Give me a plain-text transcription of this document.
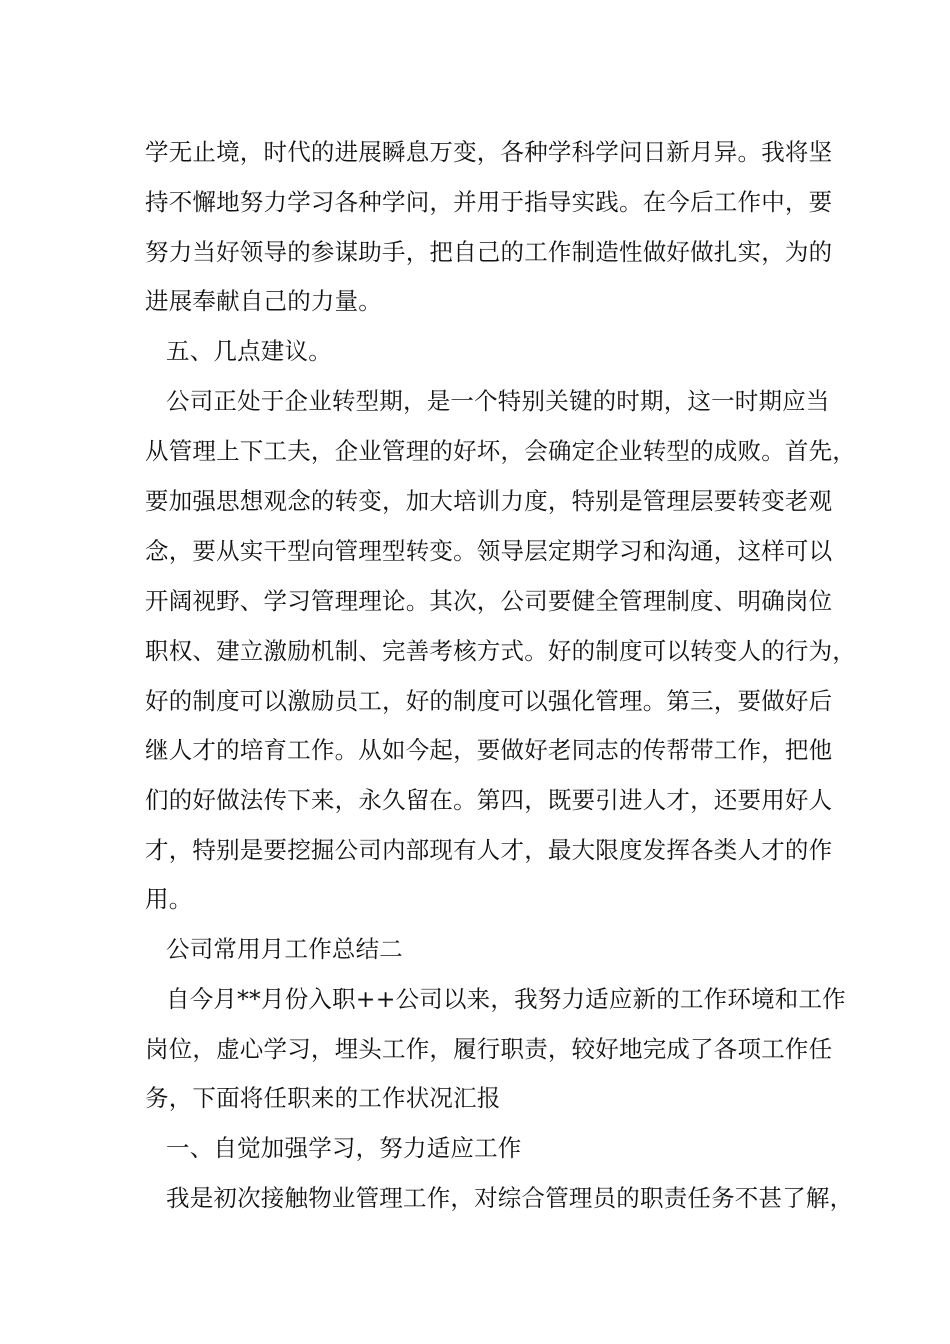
学无止境，时代的进展瞬息万变，各种学科学问日新月异。我将坚
持不懈地努力学习各种学问，并用于指导实践。在今后工作中，要
努力当好领导的参谋助手，把自己的工作制造性做好做扎实，为的
进展奉献自己的力量。
五、几点建议。
公司正处于企业转型期，是一个特别关键的时期，这一时期应当
从管理上下工夫，企业管理的好坏，会确定企业转型的成败。首先，
要加强思想观念的转变，加大培训力度，特别是管理层要转变老观
念，要从实干型向管理型转变。领导层定期学习和沟通，这样可以
开阔视野、学习管理理论。其次，公司要健全管理制度、明确岗位
职权、建立激励机制、完善考核方式。好的制度可以转变人的行为，
好的制度可以激励员工，好的制度可以强化管理。第三，要做好后
继人才的培育工作。从如今起，要做好老同志的传帮带工作，把他
们的好做法传下来，永久留在。第四，既要引进人才，还要用好人
才，特别是要挖掘公司内部现有人才，最大限度发挥各类人才的作
用。
公司常用月工作总结二
自今月**月份入职++公司以来，我努力适应新的工作环境和工作
岗位，虚心学习，埋头工作，履行职责，较好地完成了各项工作任
务，下面将任职来的工作状况汇报
一、自觉加强学习，努力适应工作
我是初次接触物业管理工作，对综合管理员的职责任务不甚了解，
